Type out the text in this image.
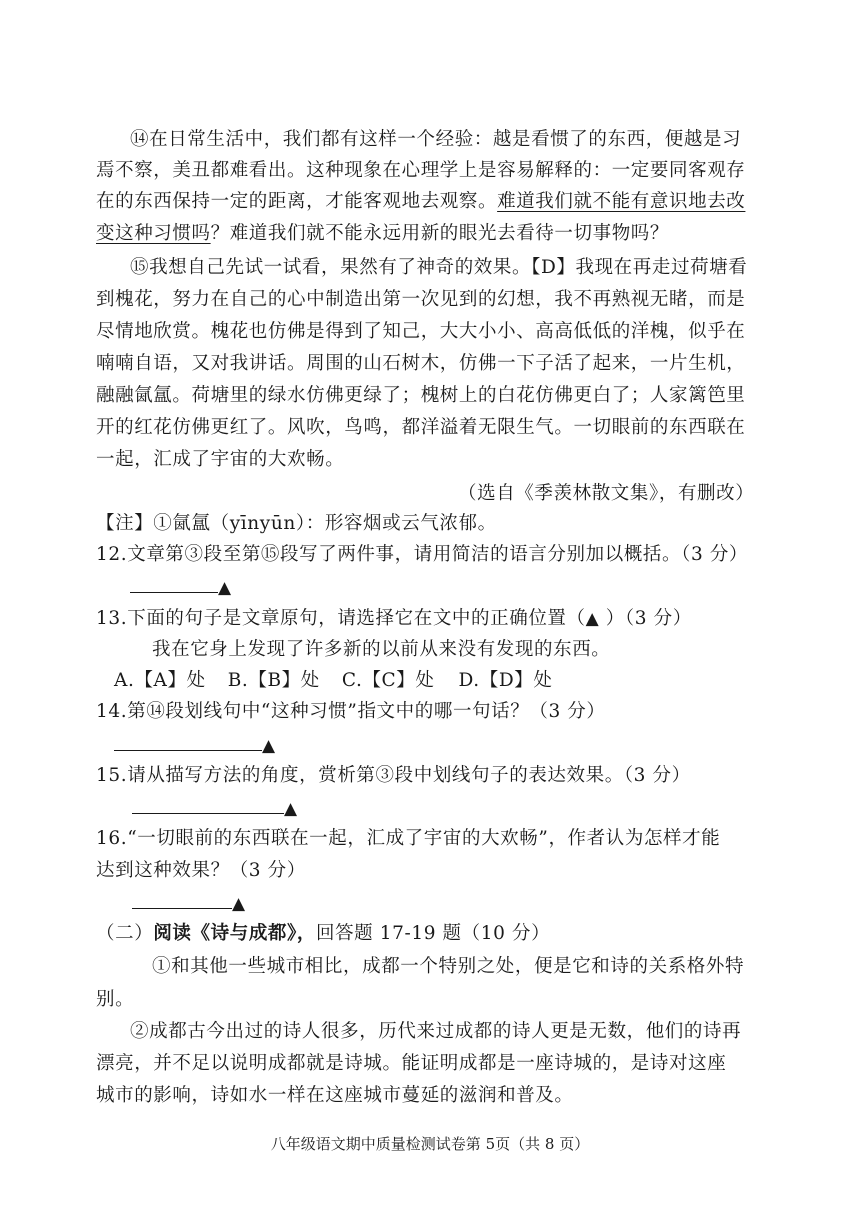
⑭在日常生活中，我们都有这样一个经验：越是看惯了的东西，便越是习
焉不察，美丑都难看出。这种现象在心理学上是容易解释的：一定要同客观存
在的东西保持一定的距离，才能客观地去观察。难道我们就不能有意识地去改
变这种习惯吗？难道我们就不能永远用新的眼光去看待一切事物吗？
⑮我想自己先试一试看，果然有了神奇的效果。【D】我现在再走过荷塘看
到槐花，努力在自己的心中制造出第一次见到的幻想，我不再熟视无睹，而是
尽情地欣赏。槐花也仿佛是得到了知己，大大小小、高高低低的洋槐，似乎在
喃喃自语，又对我讲话。周围的山石树木，仿佛一下子活了起来，一片生机，
融融氤氲。荷塘里的绿水仿佛更绿了；槐树上的白花仿佛更白了；人家篱笆里
开的红花仿佛更红了。风吹，鸟鸣，都洋溢着无限生气。一切眼前的东西联在
一起，汇成了宇宙的大欢畅。
（选自《季羡林散文集》，有删改）
【注】①氤氲（yīnyūn）：形容烟或云气浓郁。
12.文章第③段至第⑮段写了两件事，请用简洁的语言分别加以概括。（3 分）
▲
13.下面的句子是文章原句，请选择它在文中的正确位置（▲ ）（3 分）
我在它身上发现了许多新的以前从来没有发现的东西。
A.【A】处 B.【B】处 C.【C】处 D.【D】处
14.第⑭段划线句中“这种习惯”指文中的哪一句话？（3 分）
▲
15.请从描写方法的角度，赏析第③段中划线句子的表达效果。（3 分）
▲
16.“一切眼前的东西联在一起，汇成了宇宙的大欢畅”，作者认为怎样才能
达到这种效果？（3 分）
▲
（二）阅读《诗与成都》，回答题 17-19 题（10 分）
①和其他一些城市相比，成都一个特别之处，便是它和诗的关系格外特
别。
②成都古今出过的诗人很多，历代来过成都的诗人更是无数，他们的诗再
漂亮，并不足以说明成都就是诗城。能证明成都是一座诗城的，是诗对这座
城市的影响，诗如水一样在这座城市蔓延的滋润和普及。
八年级语文期中质量检测试卷第 5页（共 8 页）
